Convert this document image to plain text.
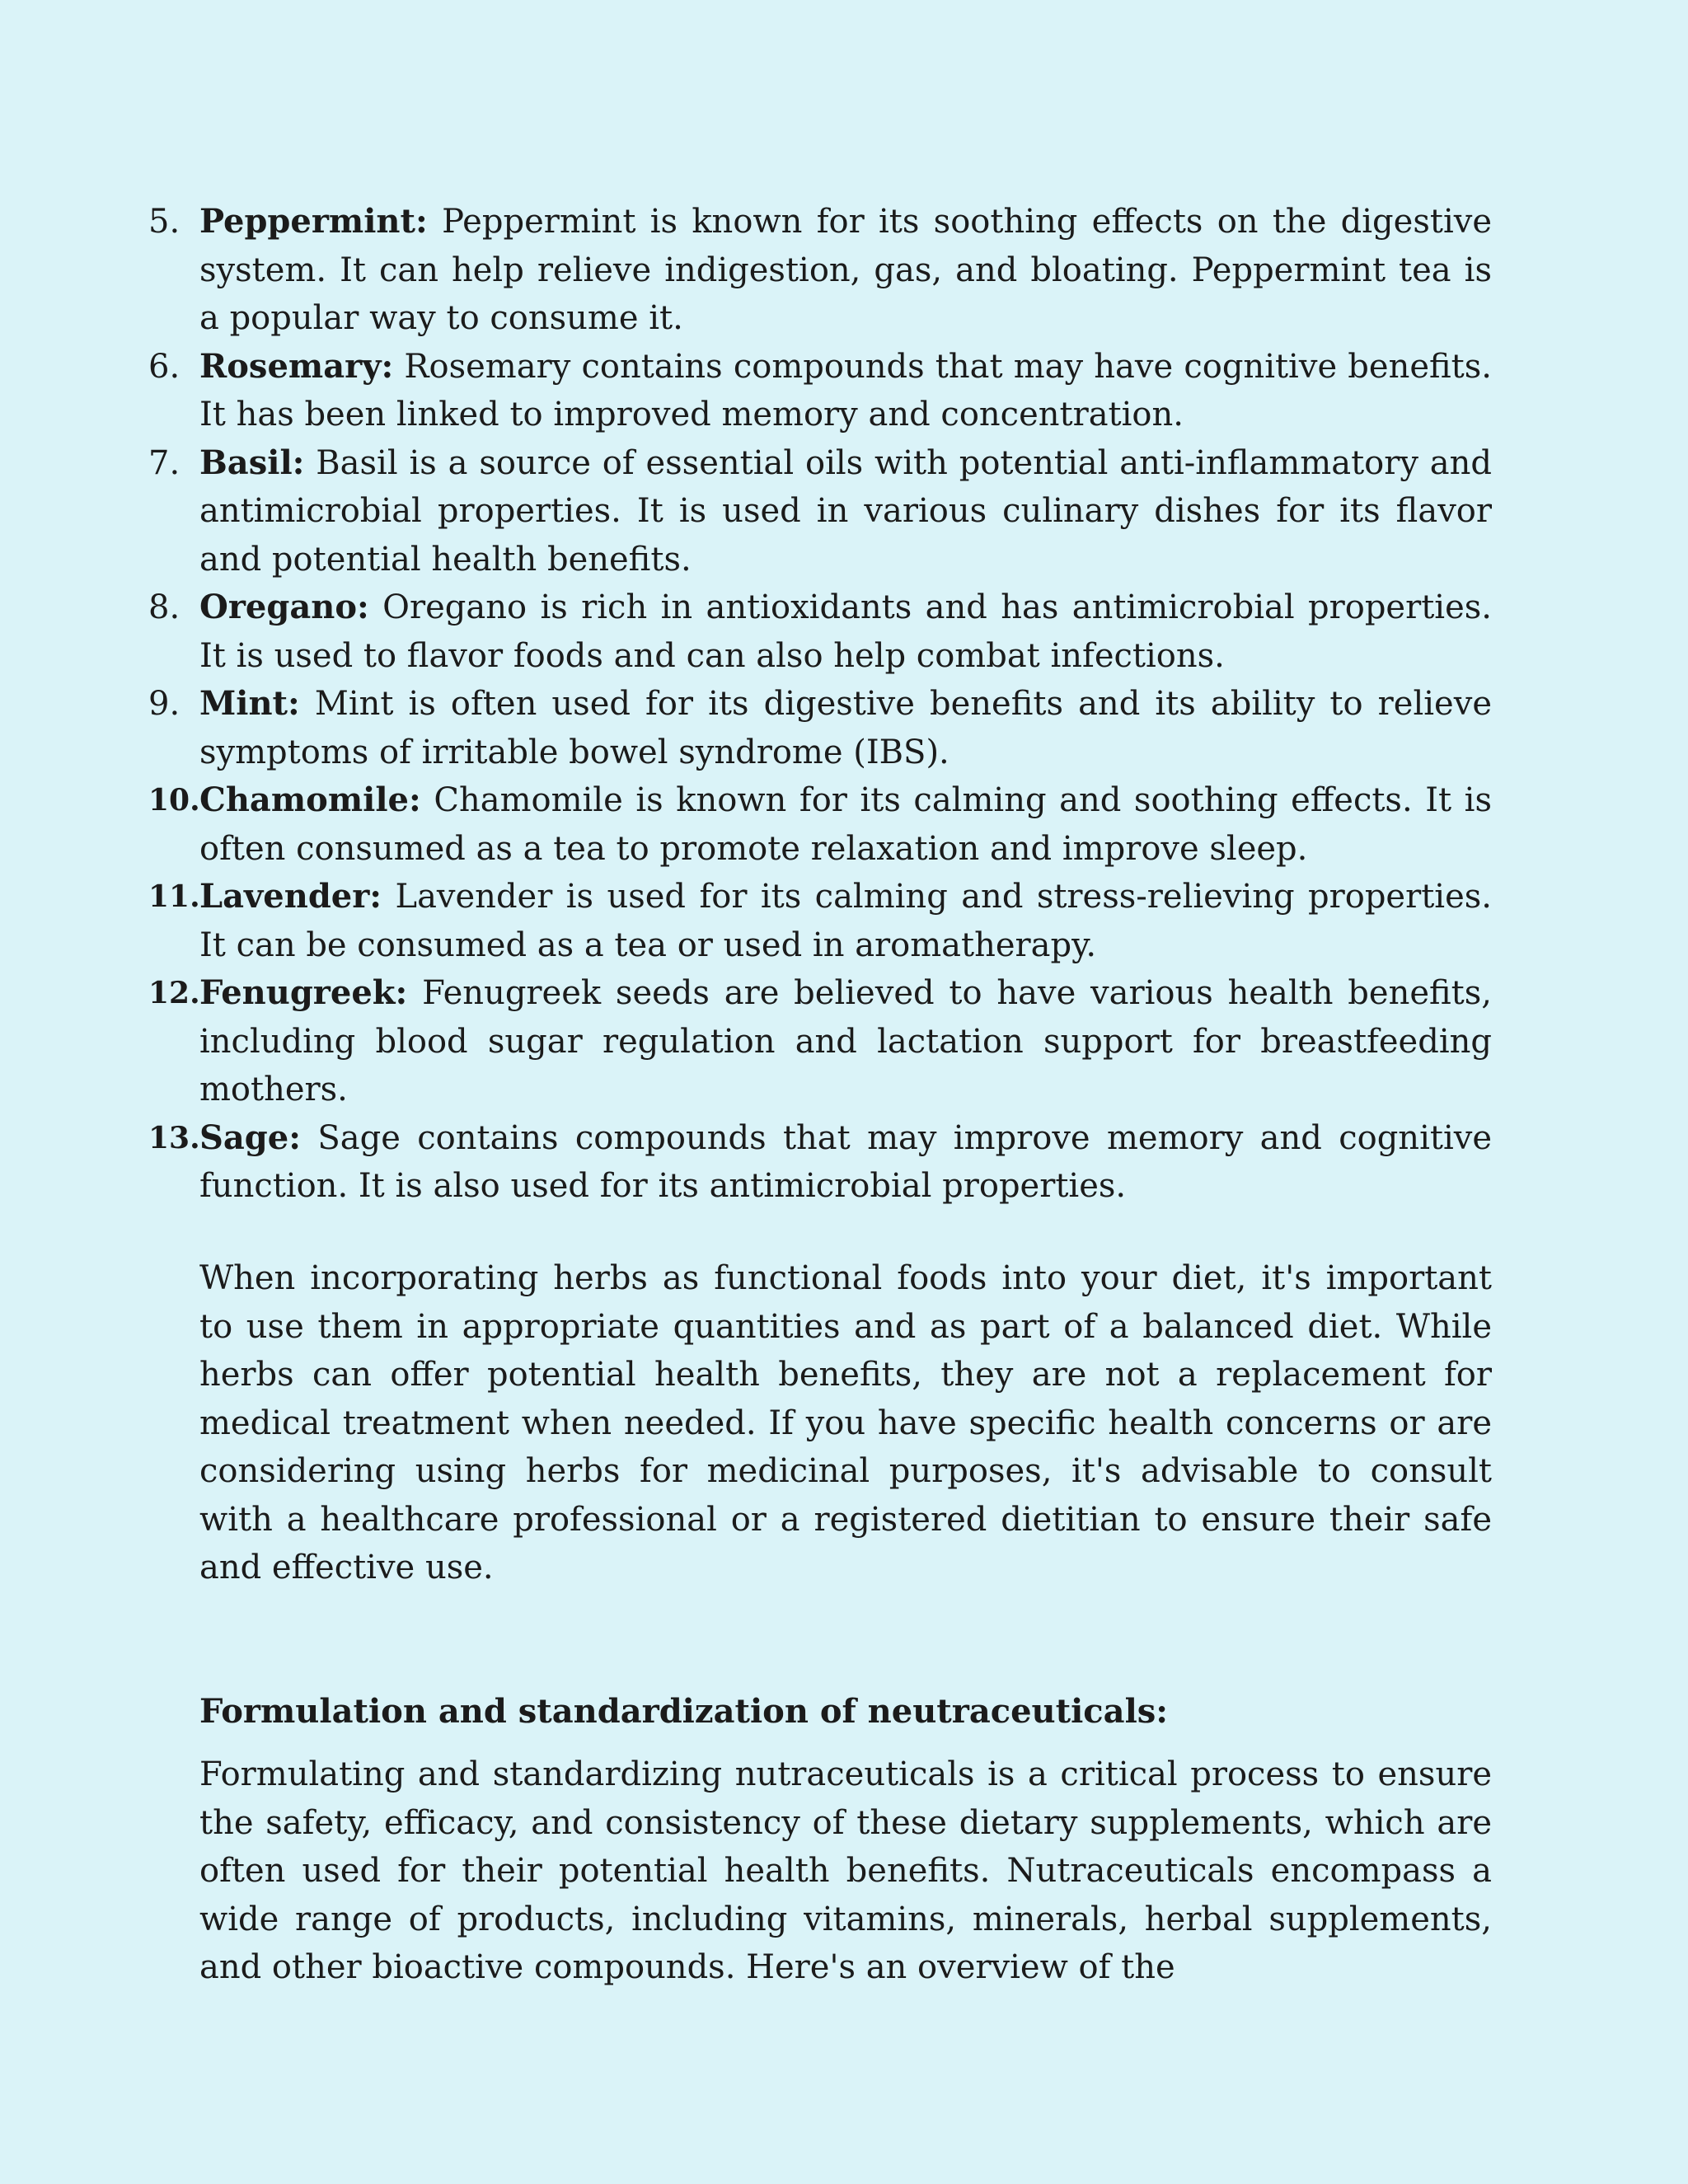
5. Peppermint: Peppermint is known for its soothing effects on the digestive system. It can help relieve indigestion, gas, and bloating. Peppermint tea is a popular way to consume it.
6. Rosemary: Rosemary contains compounds that may have cognitive benefits. It has been linked to improved memory and concentration.
7. Basil: Basil is a source of essential oils with potential anti-inflammatory and antimicrobial properties. It is used in various culinary dishes for its flavor and potential health benefits.
8. Oregano: Oregano is rich in antioxidants and has antimicrobial properties. It is used to flavor foods and can also help combat infections.
9. Mint: Mint is often used for its digestive benefits and its ability to relieve symptoms of irritable bowel syndrome (IBS).
10. Chamomile: Chamomile is known for its calming and soothing effects. It is often consumed as a tea to promote relaxation and improve sleep.
11. Lavender: Lavender is used for its calming and stress-relieving properties. It can be consumed as a tea or used in aromatherapy.
12. Fenugreek: Fenugreek seeds are believed to have various health benefits, including blood sugar regulation and lactation support for breastfeeding mothers.
13. Sage: Sage contains compounds that may improve memory and cognitive function. It is also used for its antimicrobial properties.

When incorporating herbs as functional foods into your diet, it's important to use them in appropriate quantities and as part of a balanced diet. While herbs can offer potential health benefits, they are not a replacement for medical treatment when needed. If you have specific health concerns or are considering using herbs for medicinal purposes, it's advisable to consult with a healthcare professional or a registered dietitian to ensure their safe and effective use.

Formulation and standardization of neutraceuticals:

Formulating and standardizing nutraceuticals is a critical process to ensure the safety, efficacy, and consistency of these dietary supplements, which are often used for their potential health benefits. Nutraceuticals encompass a wide range of products, including vitamins, minerals, herbal supplements, and other bioactive compounds. Here's an overview of the
